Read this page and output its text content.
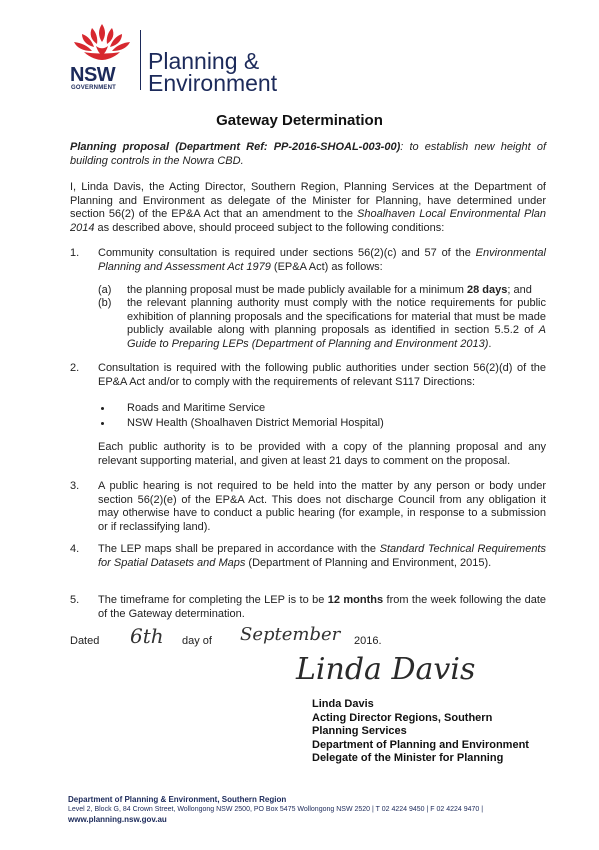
NSW
GOVERNMENT
Planning &
Environment
Gateway Determination
Planning proposal (Department Ref: PP-2016-SHOAL-003-00): to establish new height of building controls in the Nowra CBD.
I, Linda Davis, the Acting Director, Southern Region, Planning Services at the Department of Planning and Environment as delegate of the Minister for Planning, have determined under section 56(2) of the EP&A Act that an amendment to the Shoalhaven Local Environmental Plan 2014 as described above, should proceed subject to the following conditions:
1. Community consultation is required under sections 56(2)(c) and 57 of the Environmental Planning and Assessment Act 1979 (EP&A Act) as follows:
(a) the planning proposal must be made publicly available for a minimum 28 days; and
(b) the relevant planning authority must comply with the notice requirements for public exhibition of planning proposals and the specifications for material that must be made publicly available along with planning proposals as identified in section 5.5.2 of A Guide to Preparing LEPs (Department of Planning and Environment 2013).
2. Consultation is required with the following public authorities under section 56(2)(d) of the EP&A Act and/or to comply with the requirements of relevant S117 Directions:
Roads and Maritime Service
NSW Health (Shoalhaven District Memorial Hospital)
Each public authority is to be provided with a copy of the planning proposal and any relevant supporting material, and given at least 21 days to comment on the proposal.
3. A public hearing is not required to be held into the matter by any person or body under section 56(2)(e) of the EP&A Act. This does not discharge Council from any obligation it may otherwise have to conduct a public hearing (for example, in response to a submission or if reclassifying land).
4. The LEP maps shall be prepared in accordance with the Standard Technical Requirements for Spatial Datasets and Maps (Department of Planning and Environment, 2015).
5. The timeframe for completing the LEP is to be 12 months from the week following the date of the Gateway determination.
Dated 6th day of September 2016.
Linda Davis
Linda Davis
Acting Director Regions, Southern
Planning Services
Department of Planning and Environment
Delegate of the Minister for Planning
Department of Planning & Environment, Southern Region
Level 2, Block G, 84 Crown Street, Wollongong NSW 2500, PO Box 5475 Wollongong NSW 2520 | T 02 4224 9450 | F 02 4224 9470 |
www.planning.nsw.gov.au
